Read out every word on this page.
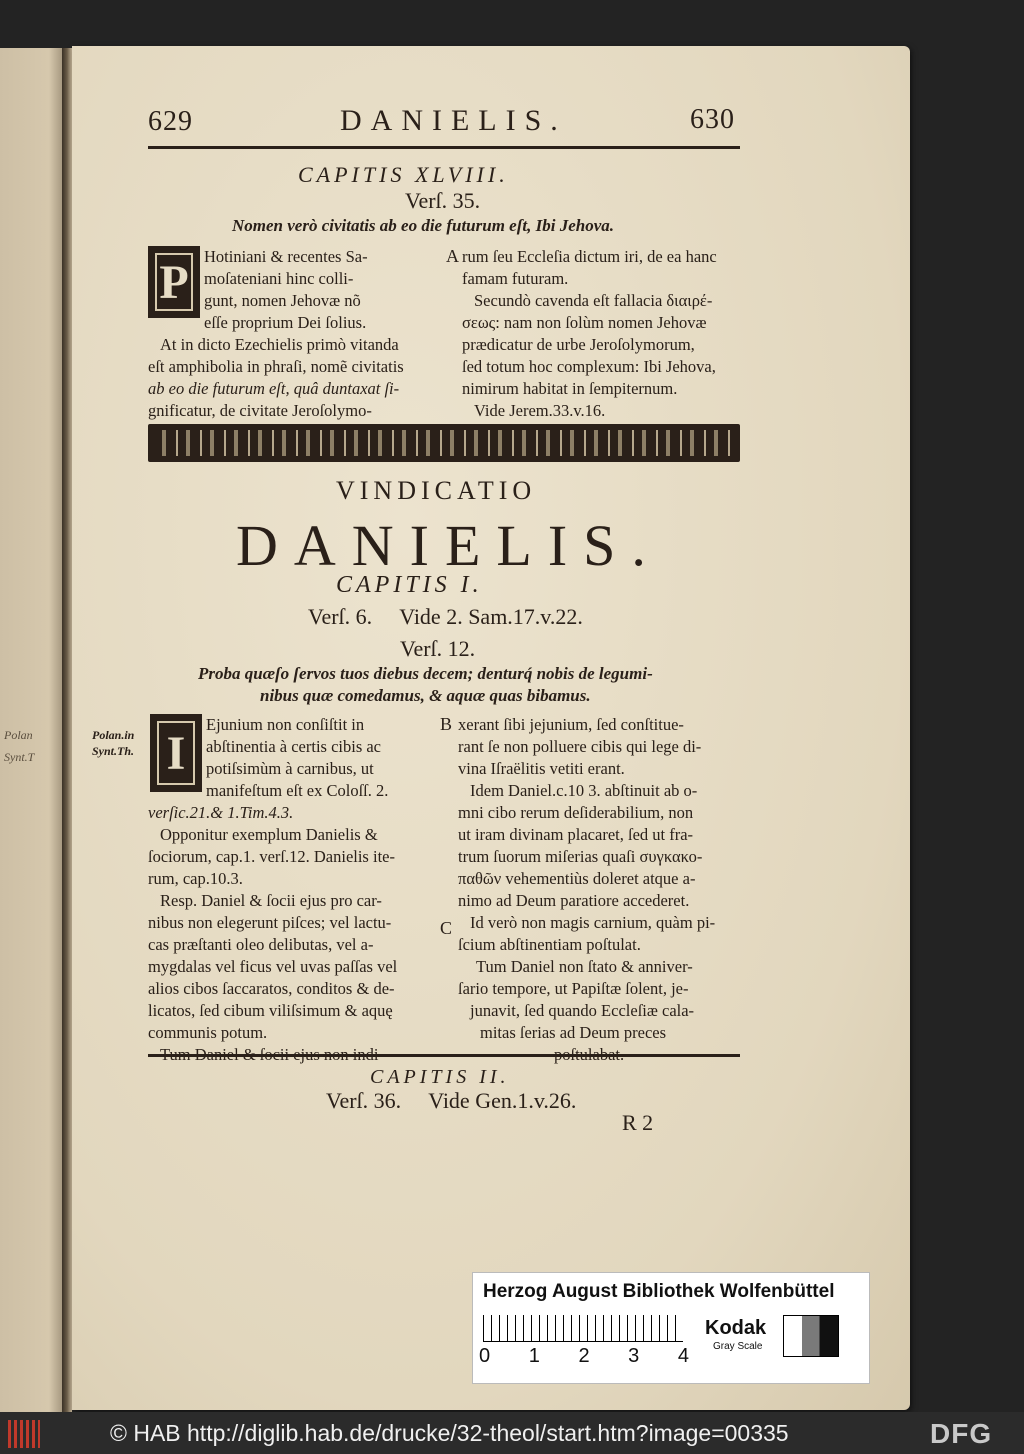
Polan
Synt.T
629	DANIELIS.	630
CAPITIS XLVIII.
Verſ. 35.
Nomen verò civitatis ab eo die futurum eſt, Ibi Jehova.
P Hotiniani & recentes Sa-
moſateniani hinc colli-
gunt, nomen Jehovæ nõ
eſſe proprium Dei ſolius.
At in dicto Ezechielis primò vitanda
eſt amphibolia in phraſi, nomẽ civitatis
ab eo die futurum eſt, quâ duntaxat ſi-
gnificatur, de civitate Jeroſolymo-
A rum ſeu Eccleſia dictum iri, de ea hanc
famam futuram.
Secundò cavenda eſt fallacia διαιρέ-
σεως: nam non ſolùm nomen Jehovæ
prædicatur de urbe Jeroſolymorum,
ſed totum hoc complexum: Ibi Jehova,
nimirum habitat in ſempiternum.
Vide Jerem.33.v.16.
VINDICATIO
DANIELIS.
CAPITIS I.
Verſ. 6.     Vide 2. Sam.17.v.22.
Verſ. 12.
Proba quæſo ſervos tuos diebus decem; denturq́ nobis de legumi-
nibus quæ comedamus, & aquæ quas bibamus.
Polan.in
Synt.Th. I
Ejunium non conſiſtit in
abſtinentia à certis cibis ac
potiſsimùm à carnibus, ut
manifeſtum eſt ex Coloſſ. 2.
verſic.21.& 1.Tim.4.3.
Opponitur exemplum Danielis &
ſociorum, cap.1. verſ.12. Danielis ite-
rum, cap.10.3.
Resp. Daniel & ſocii ejus pro car-
nibus non elegerunt piſces; vel lactu-
cas præſtanti oleo delibutas, vel a-
mygdalas vel ficus vel uvas paſſas vel
alios cibos ſaccaratos, conditos & de-
licatos, ſed cibum viliſsimum & aquę
communis potum.
B
C
xerant ſibi jejunium, ſed conſtitue-
rant ſe non polluere cibis qui lege di-
vina Iſraëlitis vetiti erant.
Idem Daniel.c.10 3. abſtinuit ab o-
mni cibo rerum deſiderabilium, non
ut iram divinam placaret, ſed ut fra-
trum ſuorum miſerias quaſi συγκακο-
παθῶν vehementiùs doleret atque a-
nimo ad Deum paratiore accederet.
Id verò non magis carnium, quàm pi-
ſcium abſtinentiam poſtulat.
Tum Daniel non ſtato & anniver-
ſario tempore, ut Papiſtæ ſolent, je-
junavit, ſed quando Eccleſiæ cala-
mitas ſerias ad Deum preces
CAPITIS II.
Verſ. 36.     Vide Gen.1.v.26.
R 2
Herzog August Bibliothek Wolfenbüttel
0 1 2 3 4
Kodak
Gray Scale
© HAB http://diglib.hab.de/drucke/32-theol/start.htm?image=00335	DFG
